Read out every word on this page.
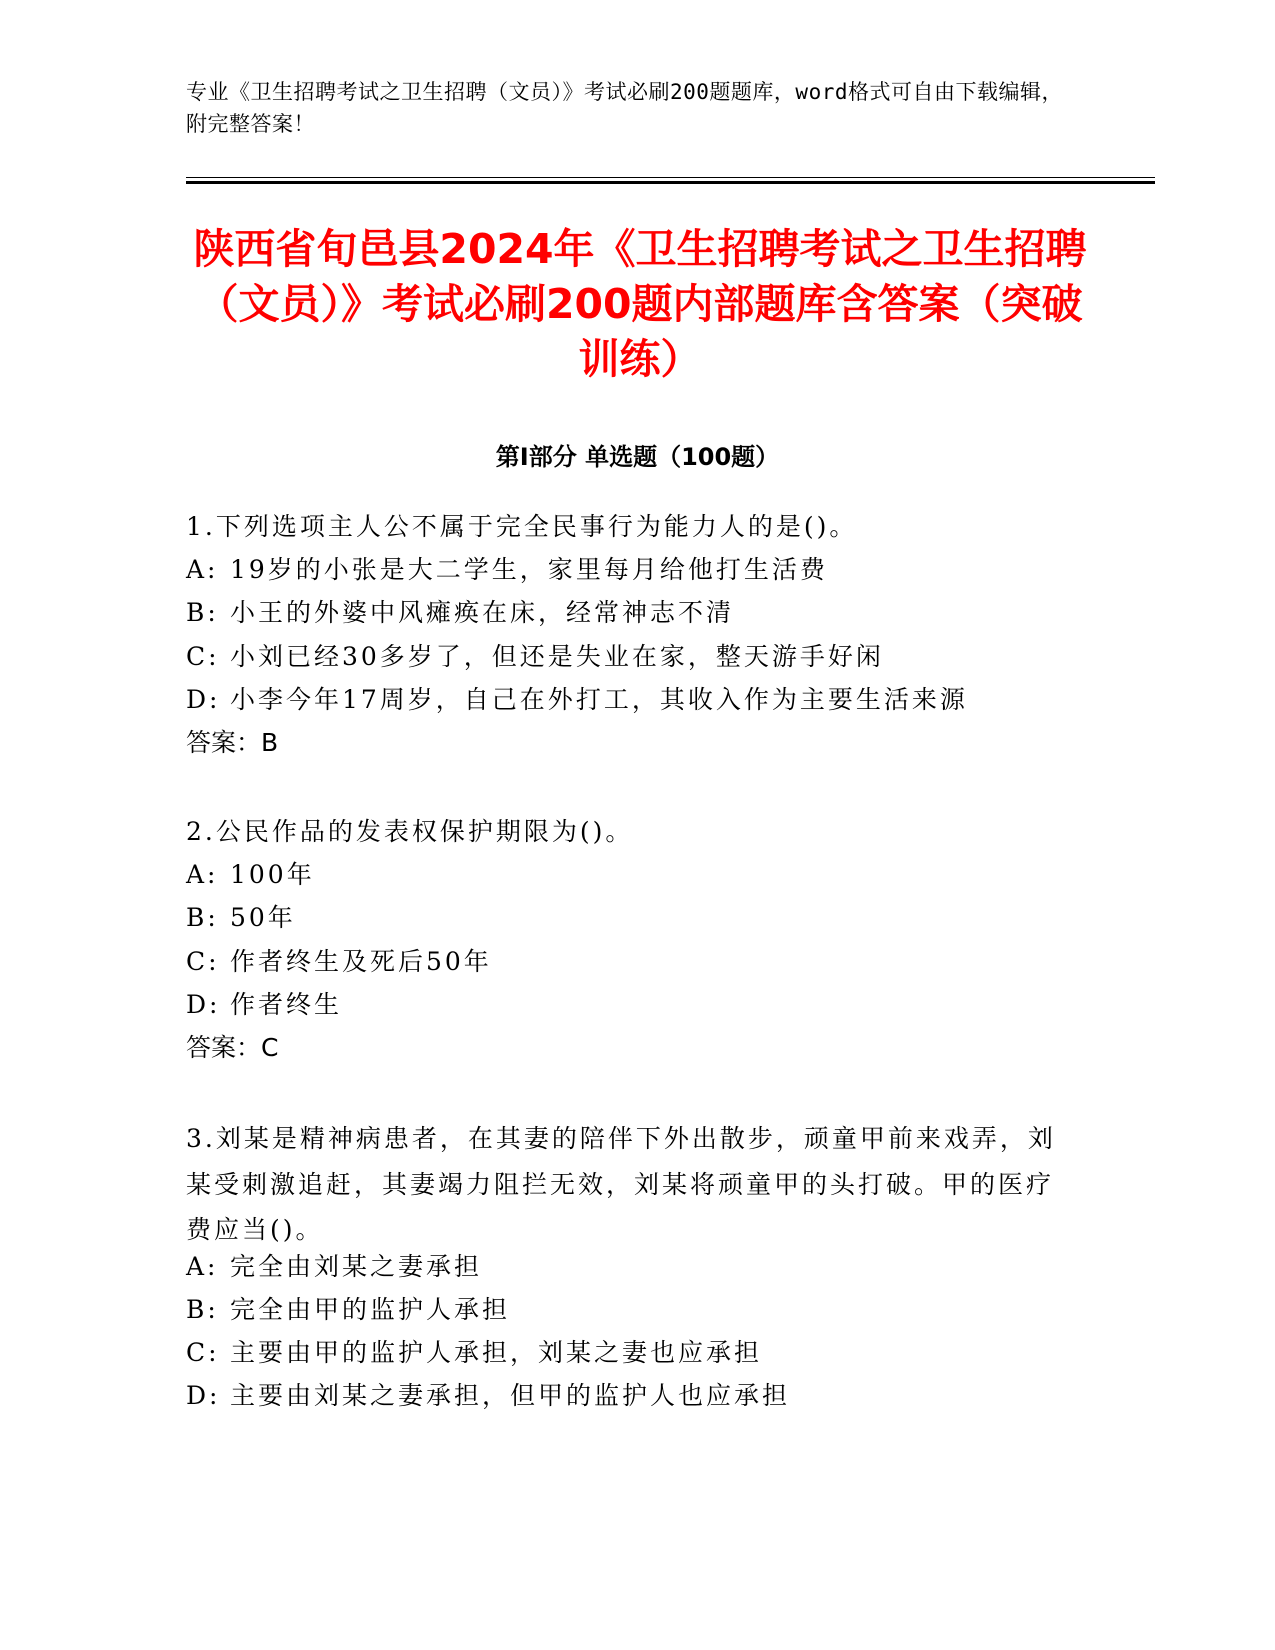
专业《卫生招聘考试之卫生招聘（文员）》考试必刷200题题库，word格式可自由下载编辑，附完整答案！
陕西省旬邑县2024年《卫生招聘考试之卫生招聘（文员）》考试必刷200题内部题库含答案（突破训练）
第Ⅰ部分 单选题（100题）
1.下列选项主人公不属于完全民事行为能力人的是()。
A: 19岁的小张是大二学生，家里每月给他打生活费
B: 小王的外婆中风瘫痪在床，经常神志不清
C: 小刘已经30多岁了，但还是失业在家，整天游手好闲
D: 小李今年17周岁，自己在外打工，其收入作为主要生活来源
答案：B
2.公民作品的发表权保护期限为()。
A: 100年
B: 50年
C: 作者终生及死后50年
D: 作者终生
答案：C
3.刘某是精神病患者，在其妻的陪伴下外出散步，顽童甲前来戏弄，刘某受刺激追赶，其妻竭力阻拦无效，刘某将顽童甲的头打破。甲的医疗费应当()。
A: 完全由刘某之妻承担
B: 完全由甲的监护人承担
C: 主要由甲的监护人承担，刘某之妻也应承担
D: 主要由刘某之妻承担，但甲的监护人也应承担
